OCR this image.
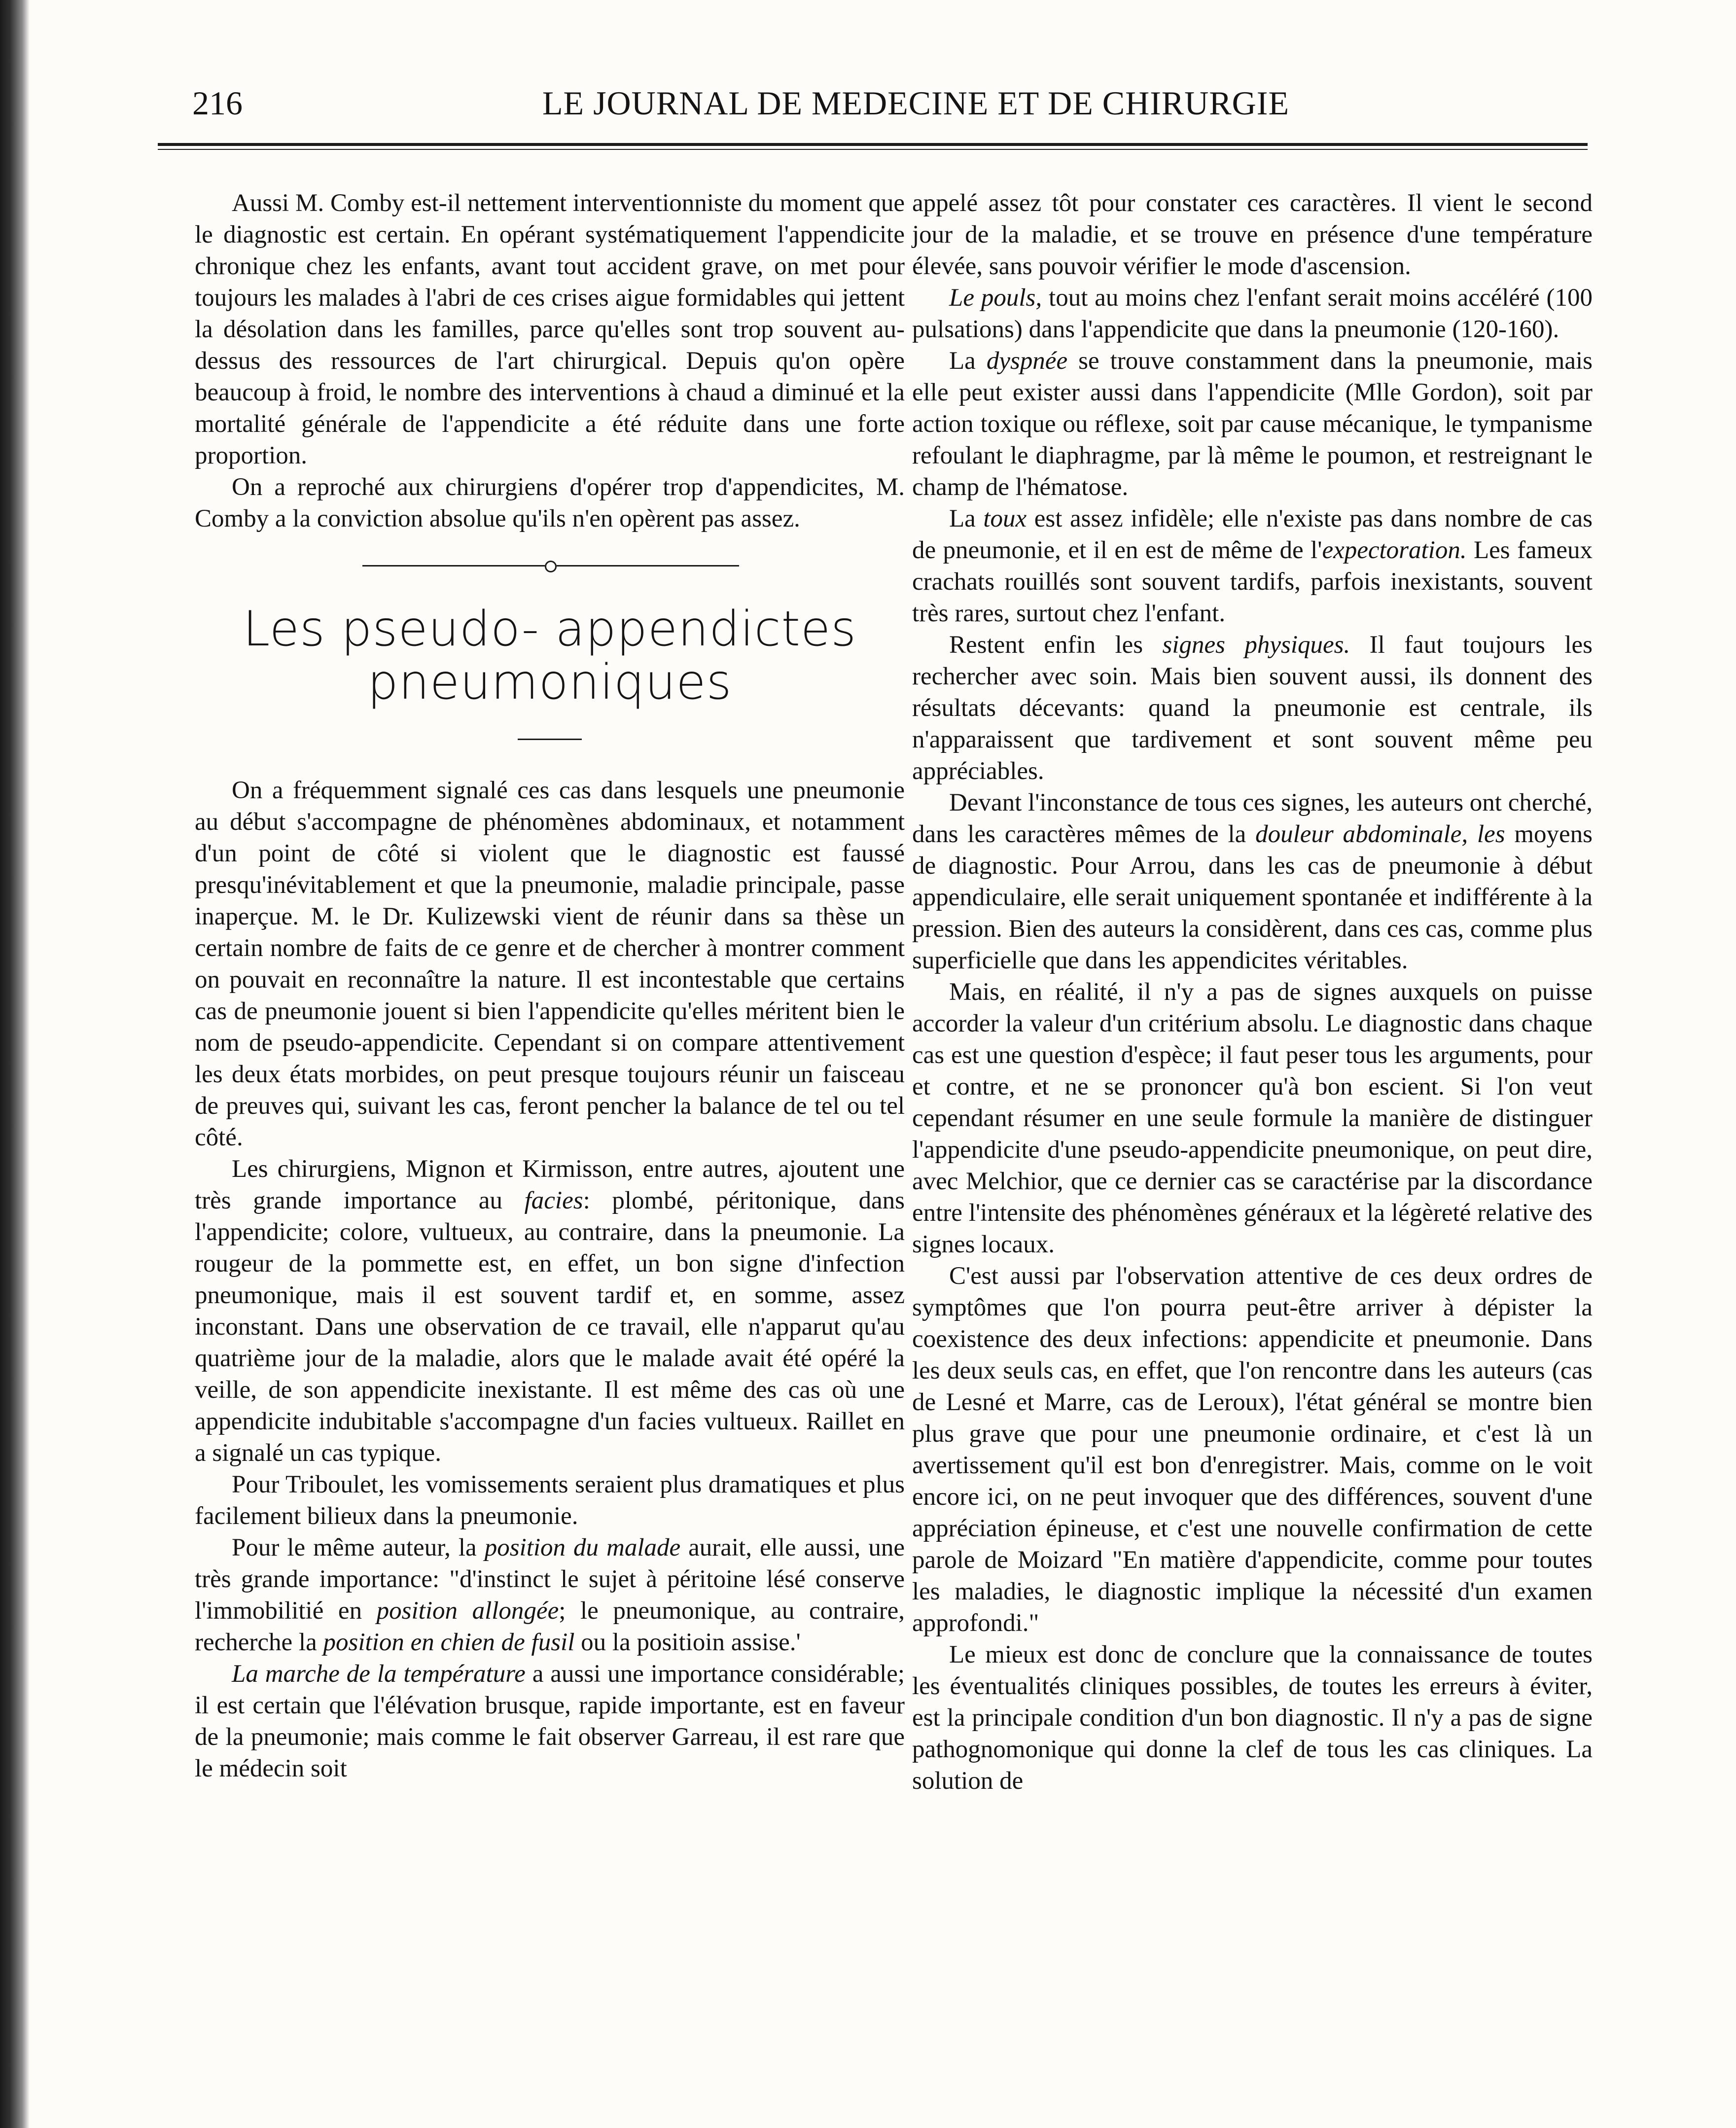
216	LE JOURNAL DE MEDECINE ET DE CHIRURGIE

Aussi M. Comby est-il nettement interventionniste du moment que le diagnostic est certain. En opérant systématiquement l'appendicite chronique chez les enfants, avant tout accident grave, on met pour toujours les malades à l'abri de ces crises aigue formidables qui jettent la désolation dans les familles, parce qu'elles sont trop souvent au-dessus des ressources de l'art chirurgical. Depuis qu'on opère beaucoup à froid, le nombre des interventions à chaud a diminué et la mortalité générale de l'appendicite a été réduite dans une forte proportion.

On a reproché aux chirurgiens d'opérer trop d'appendicites, M. Comby a la conviction absolue qu'ils n'en opèrent pas assez.

Les pseudo- appendictes
pneumoniques

On a fréquemment signalé ces cas dans lesquels une pneumonie au début s'accompagne de phénomènes abdominaux, et notamment d'un point de côté si violent que le diagnostic est faussé presqu'inévitablement et que la pneumonie, maladie principale, passe inaperçue. M. le Dr. Kulizewski vient de réunir dans sa thèse un certain nombre de faits de ce genre et de chercher à montrer comment on pouvait en reconnaître la nature. Il est incontestable que certains cas de pneumonie jouent si bien l'appendicite qu'elles méritent bien le nom de pseudo-appendicite. Cependant si on compare attentivement les deux états morbides, on peut presque toujours réunir un faisceau de preuves qui, suivant les cas, feront pencher la balance de tel ou tel côté.

Les chirurgiens, Mignon et Kirmisson, entre autres, ajoutent une très grande importance au facies: plombé, péritonique, dans l'appendicite; colore, vultueux, au contraire, dans la pneumonie. La rougeur de la pommette est, en effet, un bon signe d'infection pneumonique, mais il est souvent tardif et, en somme, assez inconstant. Dans une observation de ce travail, elle n'apparut qu'au quatrième jour de la maladie, alors que le malade avait été opéré la veille, de son appendicite inexistante. Il est même des cas où une appendicite indubitable s'accompagne d'un facies vultueux. Raillet en a signalé un cas typique.

Pour Triboulet, les vomissements seraient plus dramatiques et plus facilement bilieux dans la pneumonie.

Pour le même auteur, la position du malade aurait, elle aussi, une très grande importance: "d'instinct le sujet à péritoine lésé conserve l'immobilitié en position allongée; le pneumonique, au contraire, recherche la position en chien de fusil ou la positioin assise.'

La marche de la température a aussi une importance considérable; il est certain que l'élévation brusque, rapide importante, est en faveur de la pneumonie; mais comme le fait observer Garreau, il est rare que le médecin soit

appelé assez tôt pour constater ces caractères. Il vient le second jour de la maladie, et se trouve en présence d'une température élevée, sans pouvoir vérifier le mode d'ascension.

Le pouls, tout au moins chez l'enfant serait moins accéléré (100 pulsations) dans l'appendicite que dans la pneumonie (120-160).

La dyspnée se trouve constamment dans la pneumonie, mais elle peut exister aussi dans l'appendicite (Mlle Gordon), soit par action toxique ou réflexe, soit par cause mécanique, le tympanisme refoulant le diaphragme, par là même le poumon, et restreignant le champ de l'hématose.

La toux est assez infidèle; elle n'existe pas dans nombre de cas de pneumonie, et il en est de même de l'expectoration. Les fameux crachats rouillés sont souvent tardifs, parfois inexistants, souvent très rares, surtout chez l'enfant.

Restent enfin les signes physiques. Il faut toujours les rechercher avec soin. Mais bien souvent aussi, ils donnent des résultats décevants: quand la pneumonie est centrale, ils n'apparaissent que tardivement et sont souvent même peu appréciables.

Devant l'inconstance de tous ces signes, les auteurs ont cherché, dans les caractères mêmes de la douleur abdominale, les moyens de diagnostic. Pour Arrou, dans les cas de pneumonie à début appendiculaire, elle serait uniquement spontanée et indifférente à la pression. Bien des auteurs la considèrent, dans ces cas, comme plus superficielle que dans les appendicites véritables.

Mais, en réalité, il n'y a pas de signes auxquels on puisse accorder la valeur d'un critérium absolu. Le diagnostic dans chaque cas est une question d'espèce; il faut peser tous les arguments, pour et contre, et ne se prononcer qu'à bon escient. Si l'on veut cependant résumer en une seule formule la manière de distinguer l'appendicite d'une pseudo-appendicite pneumonique, on peut dire, avec Melchior, que ce dernier cas se caractérise par la discordance entre l'intensite des phénomènes généraux et la légèreté relative des signes locaux.

C'est aussi par l'observation attentive de ces deux ordres de symptômes que l'on pourra peut-être arriver à dépister la coexistence des deux infections: appendicite et pneumonie. Dans les deux seuls cas, en effet, que l'on rencontre dans les auteurs (cas de Lesné et Marre, cas de Leroux), l'état général se montre bien plus grave que pour une pneumonie ordinaire, et c'est là un avertissement qu'il est bon d'enregistrer. Mais, comme on le voit encore ici, on ne peut invoquer que des différences, souvent d'une appréciation épineuse, et c'est une nouvelle confirmation de cette parole de Moizard "En matière d'appendicite, comme pour toutes les maladies, le diagnostic implique la nécessité d'un examen approfondi."

Le mieux est donc de conclure que la connaissance de toutes les éventualités cliniques possibles, de toutes les erreurs à éviter, est la principale condition d'un bon diagnostic. Il n'y a pas de signe pathognomonique qui donne la clef de tous les cas cliniques. La solution de
